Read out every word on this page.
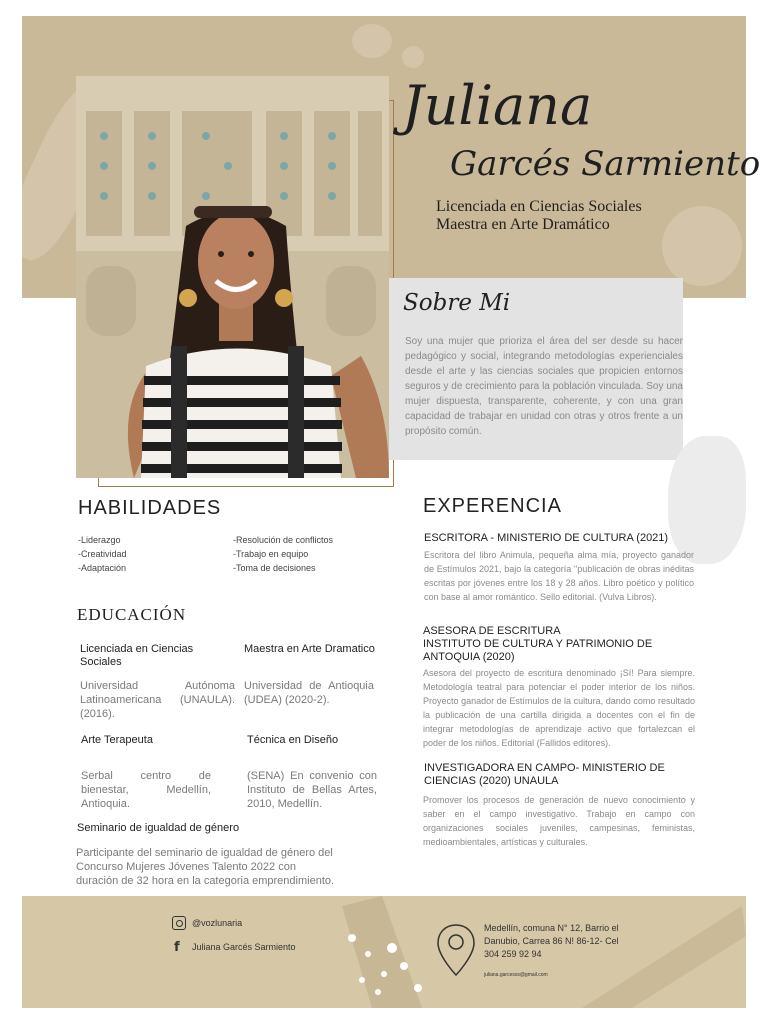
Juliana
Garcés Sarmiento
Licenciada en Ciencias Sociales
Maestra en Arte Dramático
Sobre Mi
Soy una mujer que prioriza el área del ser desde su hacer pedagógico y social, integrando metodologías experienciales desde el arte y las ciencias sociales que propicien entornos seguros y de crecimiento para la población vinculada. Soy una mujer dispuesta, transparente, coherente, y con una gran capacidad de trabajar en unidad con otras y otros frente a un propósito común.
HABILIDADES
-Liderazgo
-Creatividad
-Adaptación
-Resolución de conflictos
-Trabajo en equipo
-Toma de decisiones
EDUCACIÓN
Licenciada en Ciencias Sociales
Universidad Autónoma Latinoamericana (UNAULA). (2016).
Maestra en Arte Dramatico
Universidad de Antioquia (UDEA) (2020-2).
Arte Terapeuta
Serbal centro de bienestar, Medellín, Antioquia.
Técnica en Diseño
(SENA) En convenio con Instituto de Bellas Artes, 2010, Medellín.
Seminario de igualdad de género
Participante del seminario de igualdad de género del Concurso Mujeres Jóvenes Talento 2022 con duración de 32 hora en la categoria emprendimiento.
EXPERENCIA
ESCRITORA - MINISTERIO DE CULTURA (2021)
Escritora del libro Animula, pequeña alma mía, proyecto ganador de Estímulos 2021, bajo la categoría "publicación de obras inéditas escritas por jóvenes entre los 18 y 28 años. Libro poético y político con base al amor romántico. Sello editorial. (Vulva Libros).
ASESORA DE ESCRITURA
INSTITUTO DE CULTURA Y PATRIMONIO DE ANTOQUIA (2020)
Asesora del proyecto de escritura denominado ¡Sí! Para siempre. Metodología teatral para potenciar el poder interior de los niños. Proyecto ganador de Estímulos de la cultura, dando como resultado la publicación de una cartilla dirigida a docentes con el fin de integrar metodologías de aprendizaje activo que fortalezcan el poder de los niños. Editorial (Fallidos editores).
INVESTIGADORA EN CAMPO- MINISTERIO DE CIENCIAS (2020) UNAULA
Promover los procesos de generación de nuevo conocimiento y saber en el campo investigativo. Trabajo en campo con organizaciones sociales juveniles, campesinas, feministas, medioambientales, artísticas y culturales.
@vozlunaria
f Juliana Garcés Sarmiento
Medellín, comuna N° 12, Barrio el Danubio, Carrea 86 N! 86-12- Cel 304 259 92 94
juliana.garcesss@gmail.com
